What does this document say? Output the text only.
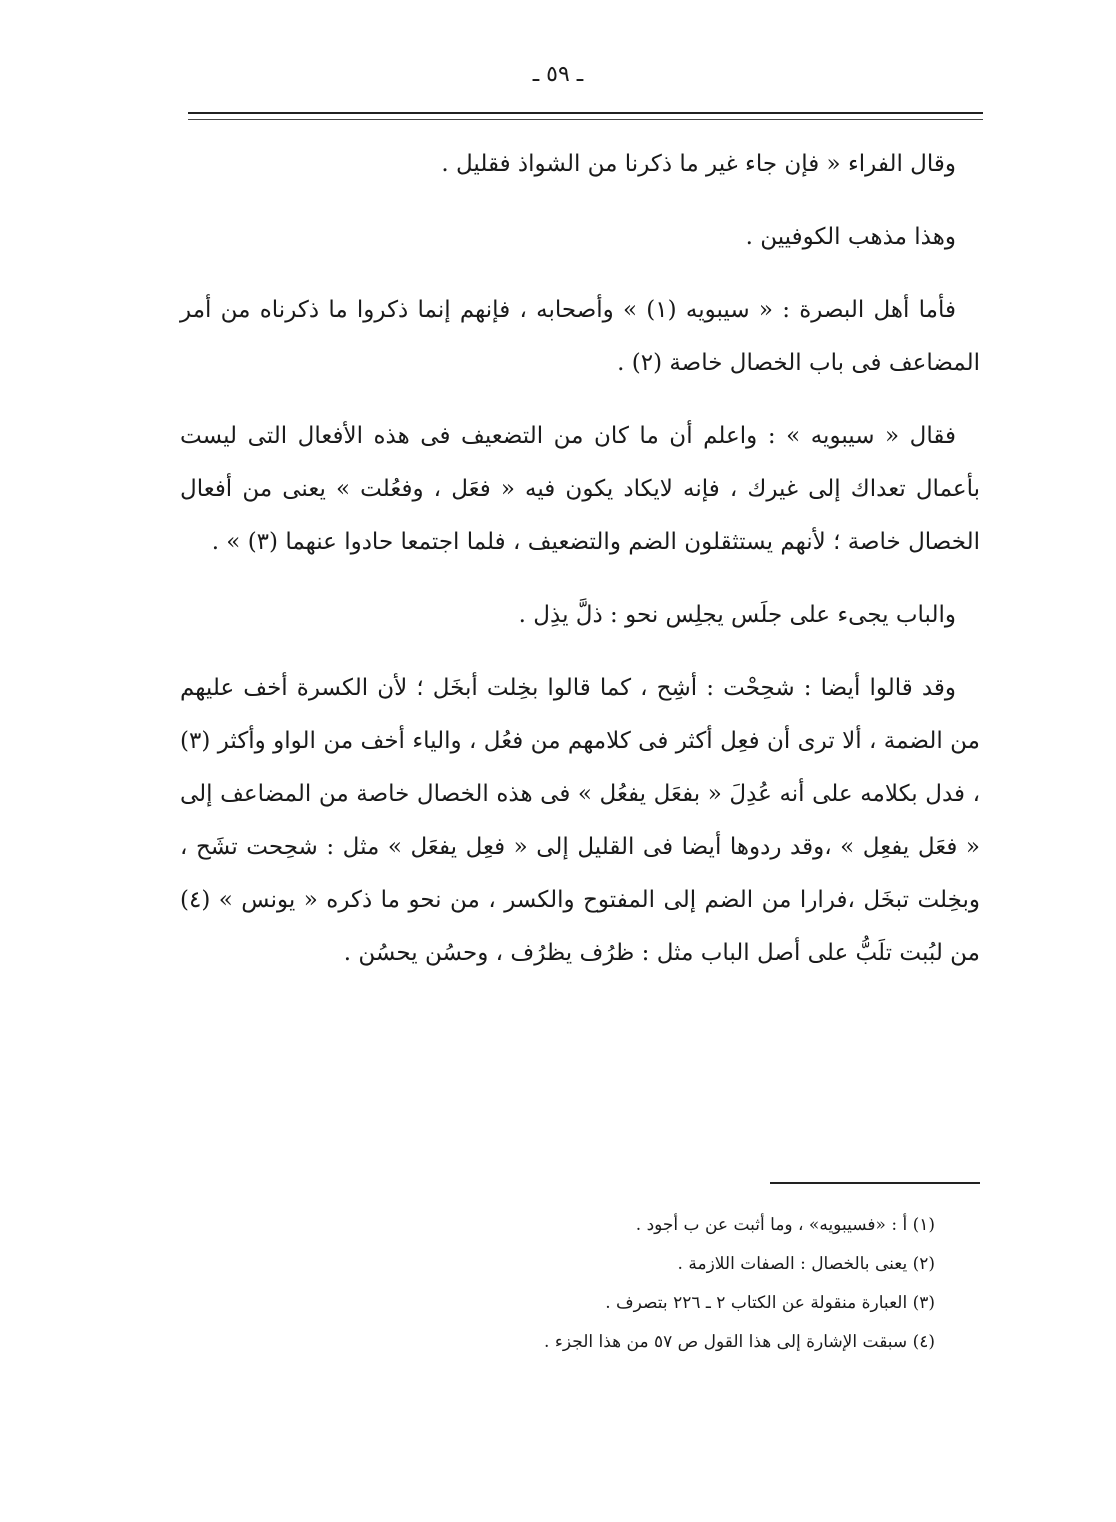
ـ ٥٩ ـ

وقال الفراء « فإن جاء غير ما ذكرنا من الشواذ فقليل .

وهذا مذهب الكوفيين .

فأما أهل البصرة : « سيبويه (١) » وأصحابه ، فإنهم إنما ذكروا ما ذكرناه من أمر المضاعف فى باب الخصال خاصة (٢) .

فقال « سيبويه » : واعلم أن ما كان من التضعيف فى هذه الأفعال التى ليست بأعمال تعداك إلى غيرك ، فإنه لايكاد يكون فيه « فعَل ، وفعُلت » يعنى من أفعال الخصال خاصة ؛ لأنهم يستثقلون الضم والتضعيف ، فلما اجتمعا حادوا عنهما (٣) » .

والباب يجىء على جلَس يجلِس نحو : ذلَّ يذِل .

وقد قالوا أيضا : شحِحْت : أشِح ، كما قالوا بخِلت أبخَل ؛ لأن الكسرة أخف عليهم من الضمة ، ألا ترى أن فعِل أكثر فى كلامهم من فعُل ، والياء أخف من الواو وأكثر (٣) ، فدل بكلامه على أنه عُدِلَ « بفعَل يفعُل » فى هذه الخصال خاصة من المضاعف إلى « فعَل يفعِل » ،وقد ردوها أيضا فى القليل إلى « فعِل يفعَل » مثل : شحِحت تشَح ، وبخِلت تبخَل ،فرارا من الضم إلى المفتوح والكسر ، من نحو ما ذكره « يونس » (٤) من لبُبت تلَبُّ على أصل الباب مثل : ظرُف يظرُف ، وحسُن يحسُن .

(١) أ : «فسيبويه» ، وما أثبت عن ب أجود .

(٢) يعنى بالخصال : الصفات اللازمة .

(٣) العبارة منقولة عن الكتاب ٢ ـ ٢٢٦ بتصرف .

(٤) سبقت الإشارة إلى هذا القول ص ٥٧ من هذا الجزء .
